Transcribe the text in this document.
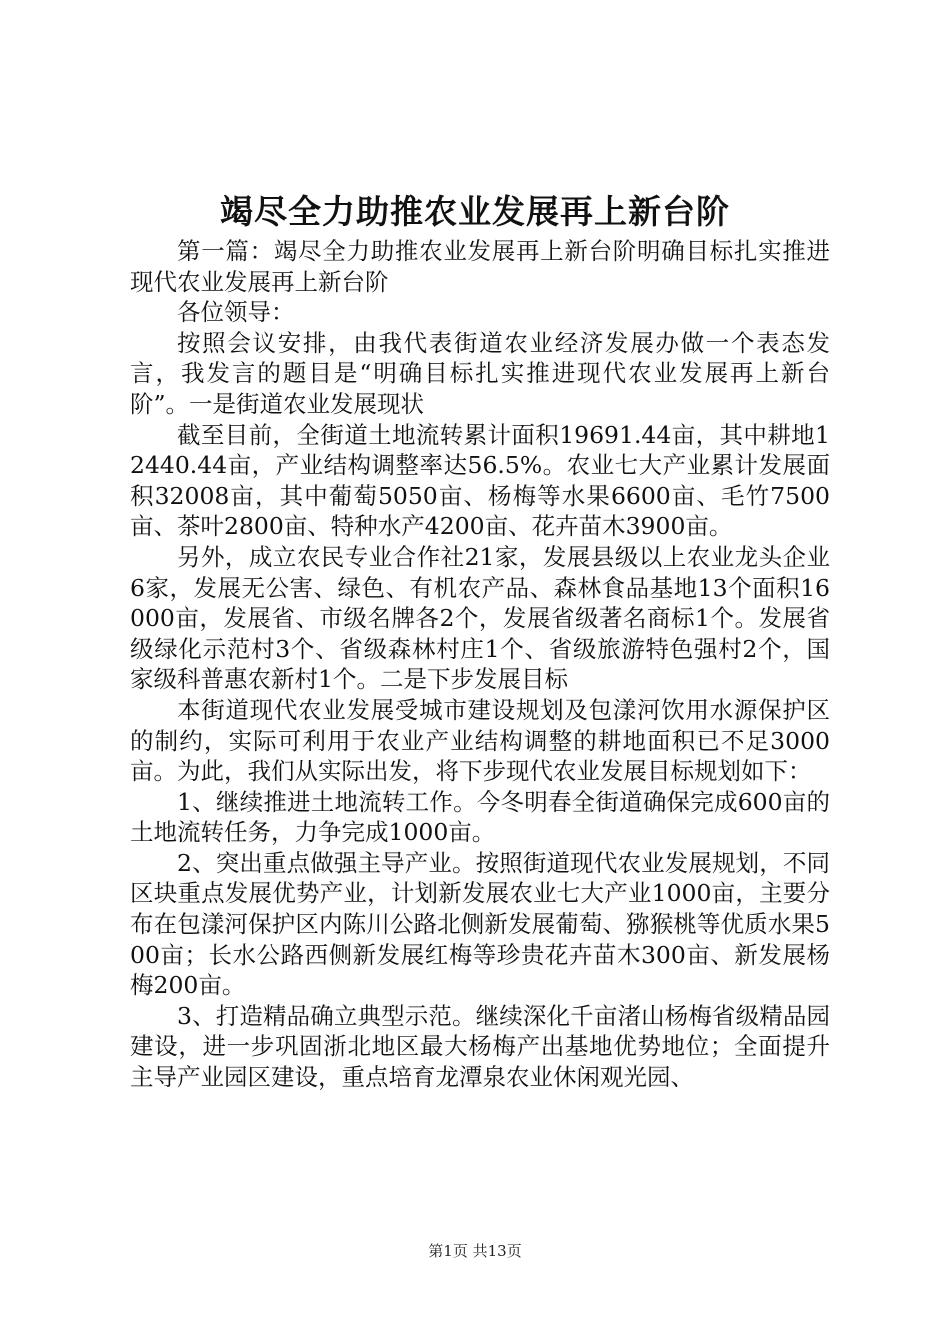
竭尽全力助推农业发展再上新台阶

第一篇：竭尽全力助推农业发展再上新台阶明确目标扎实推进现代农业发展再上新台阶

各位领导：

按照会议安排，由我代表街道农业经济发展办做一个表态发言，我发言的题目是“明确目标扎实推进现代农业发展再上新台阶”。一是街道农业发展现状

截至目前，全街道土地流转累计面积19691.44亩，其中耕地12440.44亩，产业结构调整率达56.5%。农业七大产业累计发展面积32008亩，其中葡萄5050亩、杨梅等水果6600亩、毛竹7500亩、茶叶2800亩、特种水产4200亩、花卉苗木3900亩。

另外，成立农民专业合作社21家，发展县级以上农业龙头企业6家，发展无公害、绿色、有机农产品、森林食品基地13个面积16000亩，发展省、市级名牌各2个，发展省级著名商标1个。发展省级绿化示范村3个、省级森林村庄1个、省级旅游特色强村2个，国家级科普惠农新村1个。二是下步发展目标

本街道现代农业发展受城市建设规划及包漾河饮用水源保护区的制约，实际可利用于农业产业结构调整的耕地面积已不足3000亩。为此，我们从实际出发，将下步现代农业发展目标规划如下：

1、继续推进土地流转工作。今冬明春全街道确保完成600亩的土地流转任务，力争完成1000亩。

2、突出重点做强主导产业。按照街道现代农业发展规划，不同区块重点发展优势产业，计划新发展农业七大产业1000亩，主要分布在包漾河保护区内陈川公路北侧新发展葡萄、猕猴桃等优质水果500亩；长水公路西侧新发展红梅等珍贵花卉苗木300亩、新发展杨梅200亩。

3、打造精品确立典型示范。继续深化千亩渚山杨梅省级精品园建设，进一步巩固浙北地区最大杨梅产出基地优势地位；全面提升主导产业园区建设，重点培育龙潭泉农业休闲观光园、

第1页 共13页
